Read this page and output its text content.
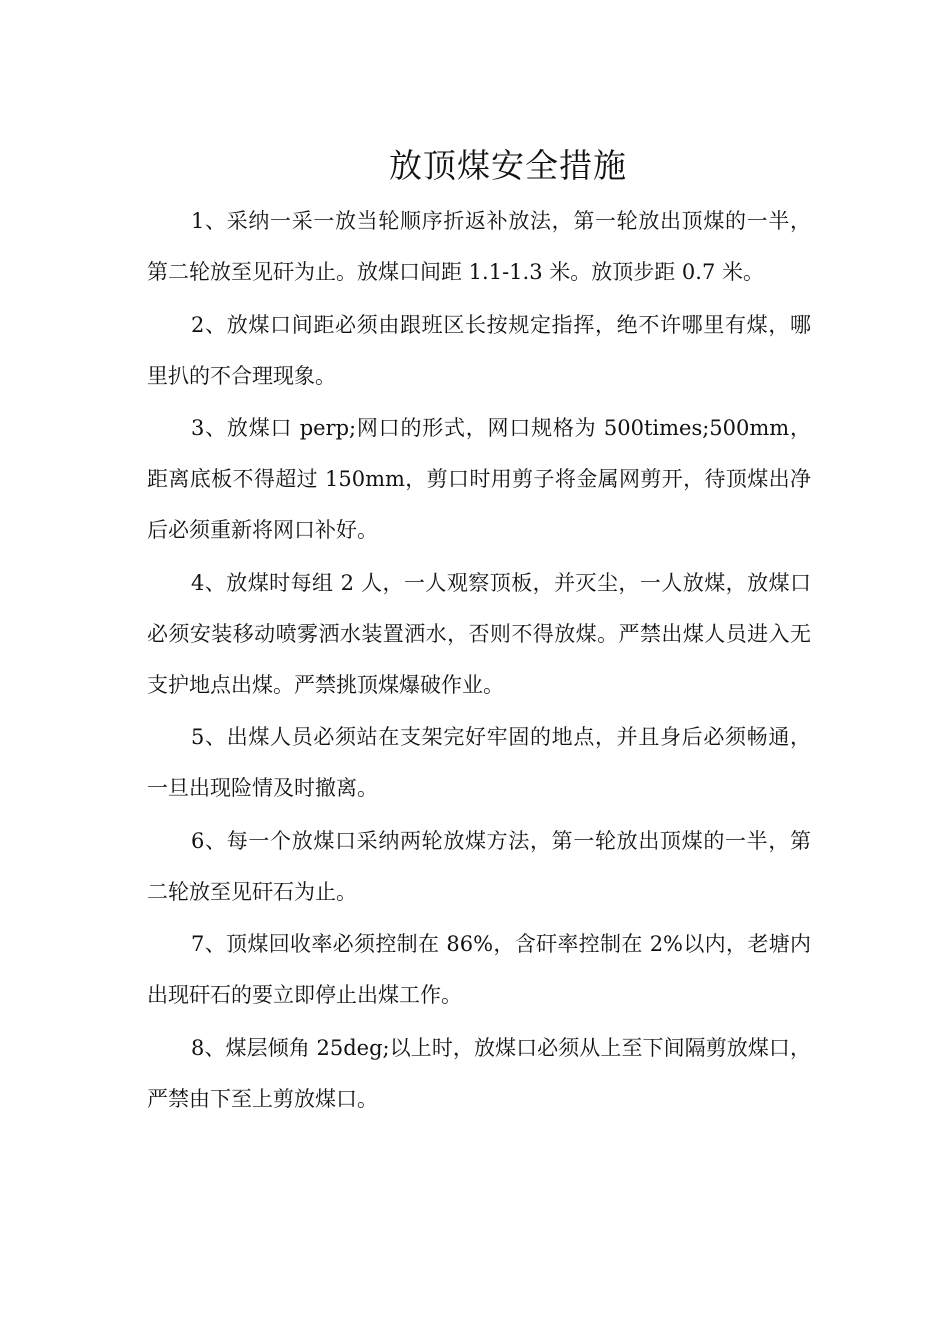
放顶煤安全措施

1、采纳一采一放当轮顺序折返补放法，第一轮放出顶煤的一半，第二轮放至见矸为止。放煤口间距 1.1-1.3 米。放顶步距 0.7 米。

2、放煤口间距必须由跟班区长按规定指挥，绝不许哪里有煤，哪里扒的不合理现象。

3、放煤口 perp;网口的形式，网口规格为 500times;500mm，距离底板不得超过 150mm，剪口时用剪子将金属网剪开，待顶煤出净后必须重新将网口补好。

4、放煤时每组 2 人，一人观察顶板，并灭尘，一人放煤，放煤口必须安装移动喷雾洒水装置洒水，否则不得放煤。严禁出煤人员进入无支护地点出煤。严禁挑顶煤爆破作业。

5、出煤人员必须站在支架完好牢固的地点，并且身后必须畅通，一旦出现险情及时撤离。

6、每一个放煤口采纳两轮放煤方法，第一轮放出顶煤的一半，第二轮放至见矸石为止。

7、顶煤回收率必须控制在 86%，含矸率控制在 2%以内，老塘内出现矸石的要立即停止出煤工作。

8、煤层倾角 25deg;以上时，放煤口必须从上至下间隔剪放煤口，严禁由下至上剪放煤口。
